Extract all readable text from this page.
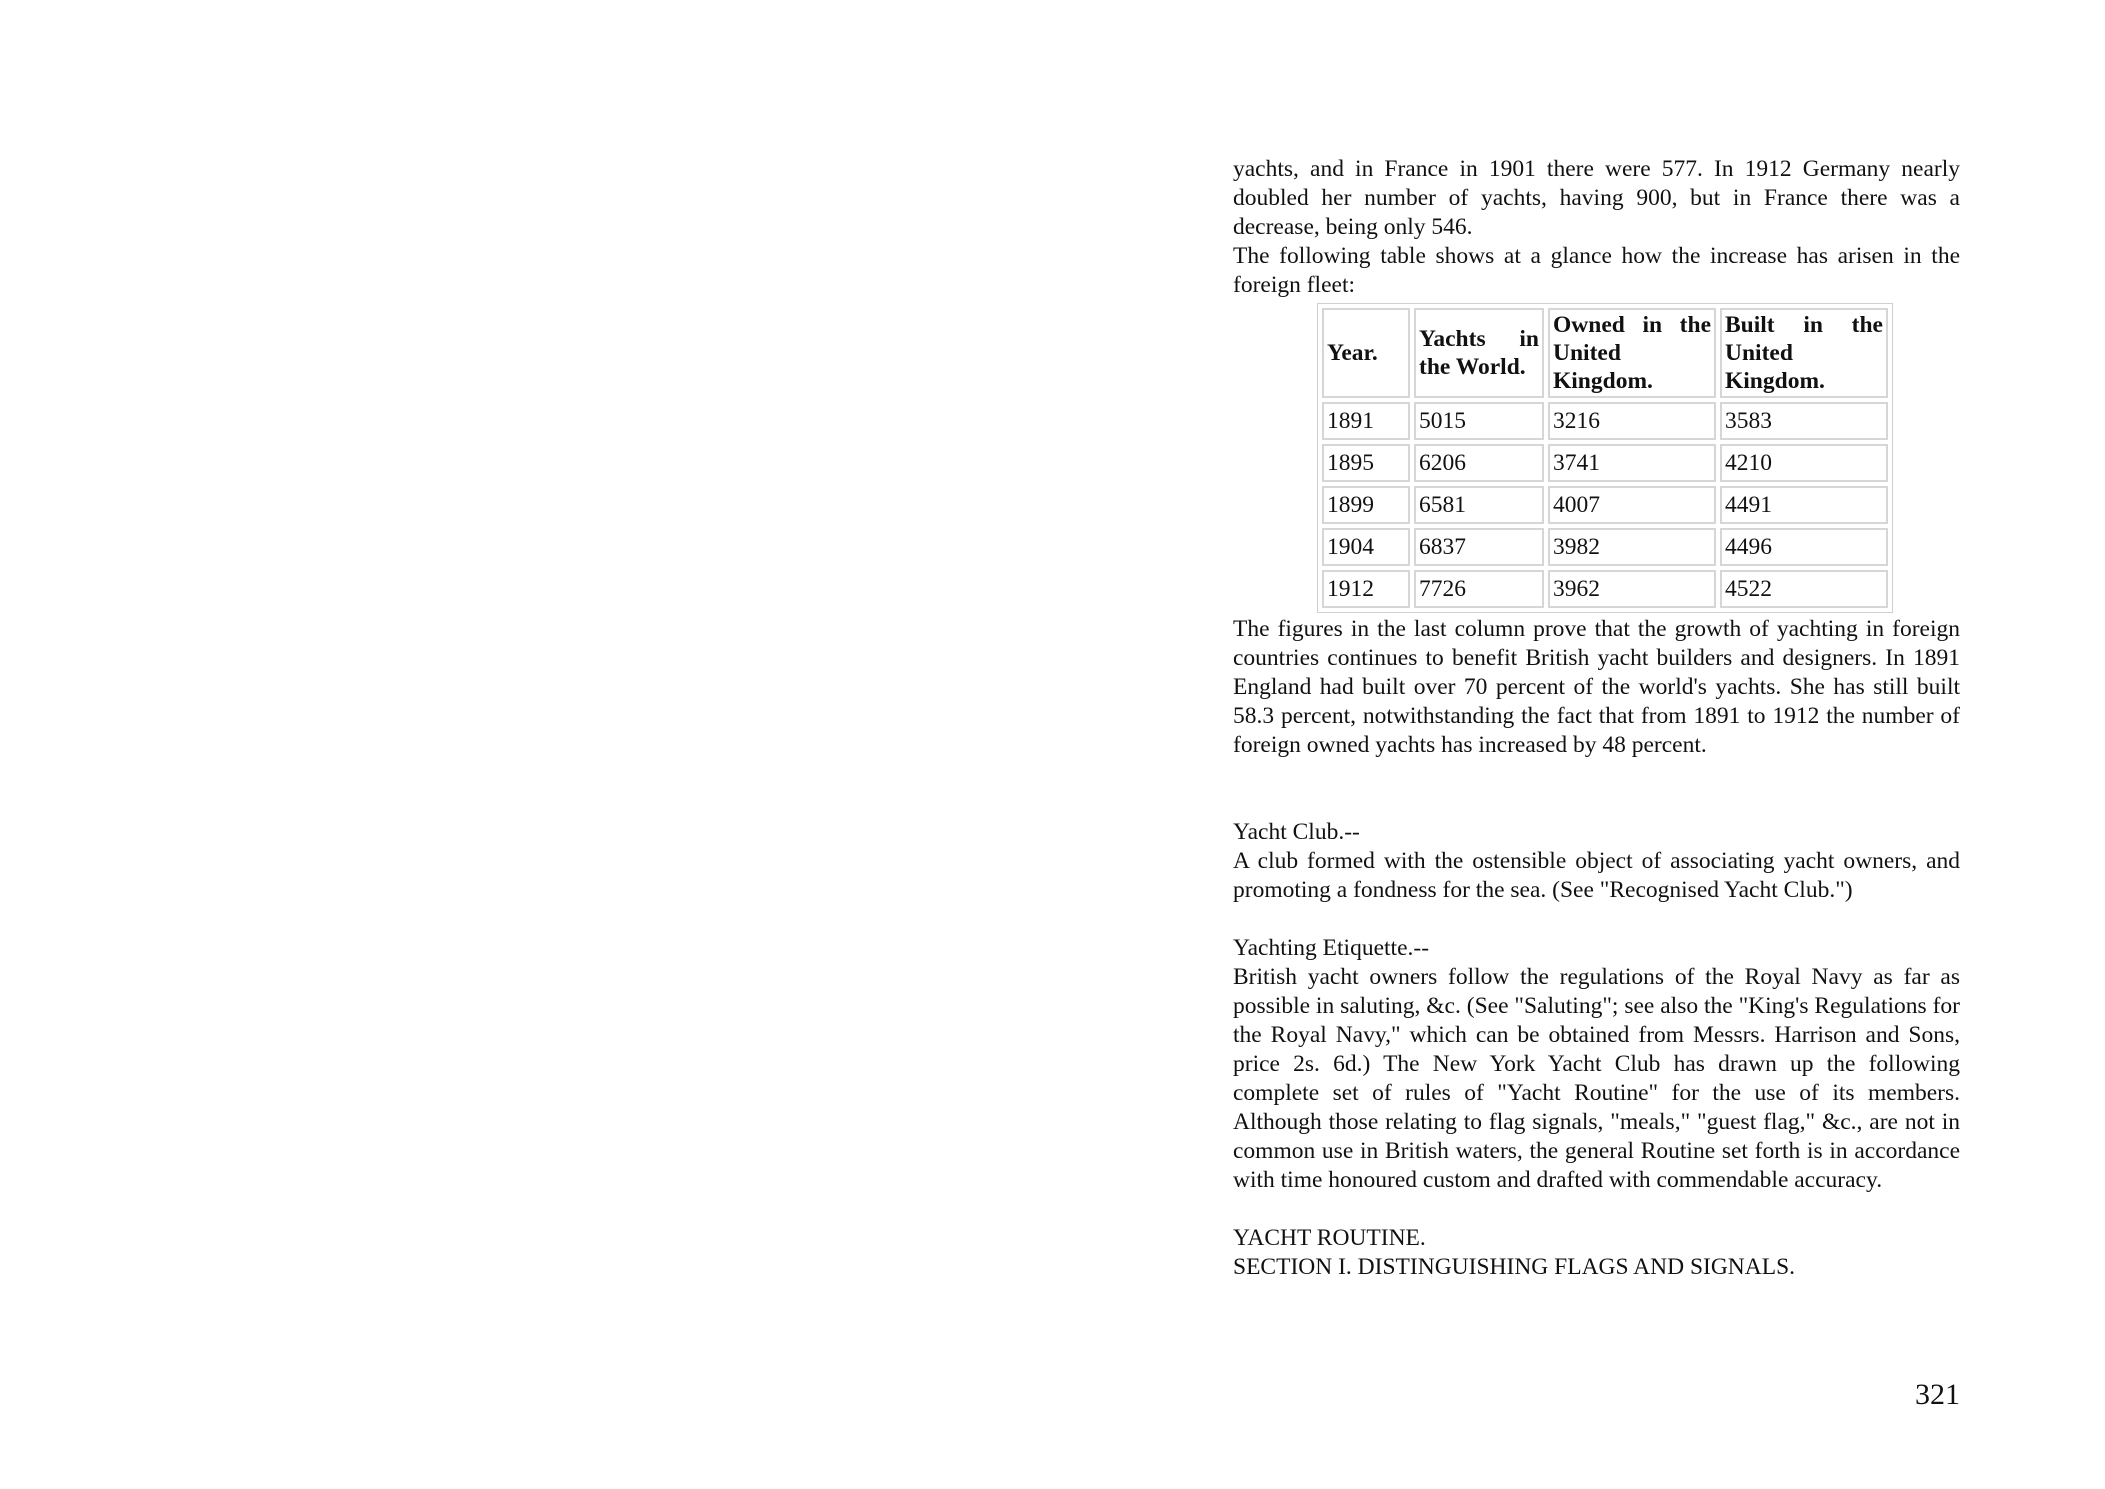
yachts, and in France in 1901 there were 577. In 1912 Germany nearly doubled her number of yachts, having 900, but in France there was a decrease, being only 546.

The following table shows at a glance how the increase has arisen in the foreign fleet:

Year.	Yachts in the World.	Owned in the United Kingdom.	Built in the United Kingdom.
1891	5015	3216	3583
1895	6206	3741	4210
1899	6581	4007	4491
1904	6837	3982	4496
1912	7726	3962	4522

The figures in the last column prove that the growth of yachting in foreign countries continues to benefit British yacht builders and designers. In 1891 England had built over 70 percent of the world's yachts. She has still built 58.3 percent, notwithstanding the fact that from 1891 to 1912 the number of foreign owned yachts has increased by 48 percent.

Yacht Club.--

A club formed with the ostensible object of associating yacht owners, and promoting a fondness for the sea. (See "Recognised Yacht Club.")

Yachting Etiquette.--

British yacht owners follow the regulations of the Royal Navy as far as possible in saluting, &c. (See "Saluting"; see also the "King's Regulations for the Royal Navy," which can be obtained from Messrs. Harrison and Sons, price 2s. 6d.) The New York Yacht Club has drawn up the following complete set of rules of "Yacht Routine" for the use of its members. Although those relating to flag signals, "meals," "guest flag," &c., are not in common use in British waters, the general Routine set forth is in accordance with time honoured custom and drafted with commendable accuracy.

YACHT ROUTINE.

SECTION I. DISTINGUISHING FLAGS AND SIGNALS.

321
